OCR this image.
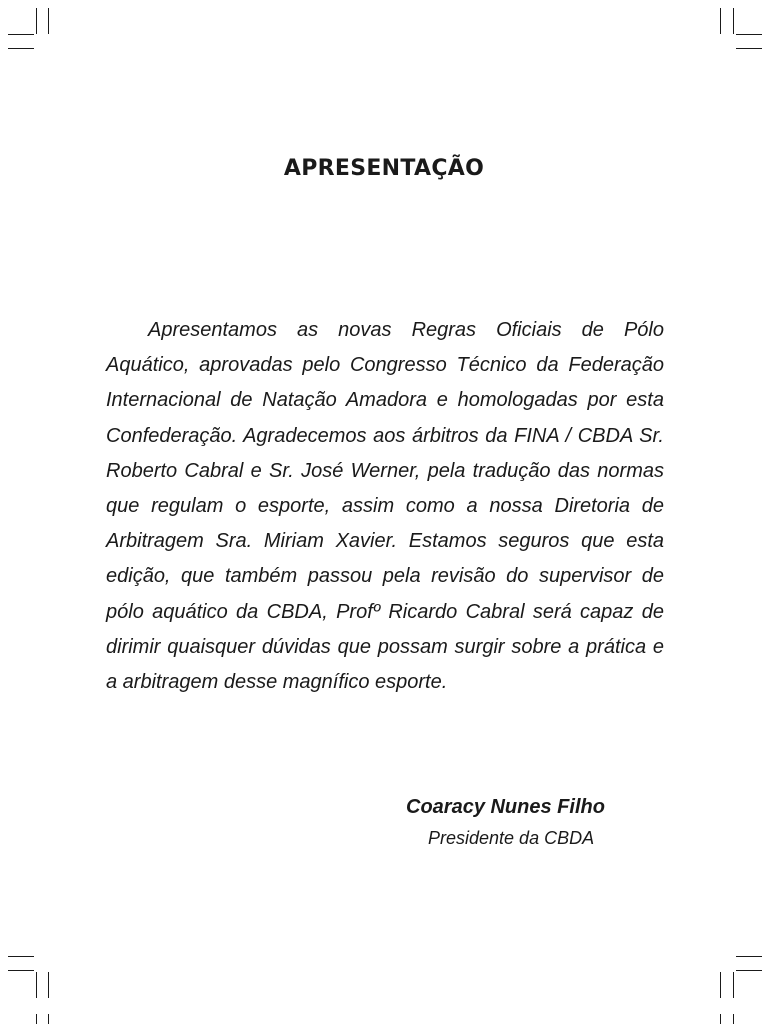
APRESENTAÇÃO

Apresentamos as novas Regras Oficiais de Pólo Aquático, aprovadas pelo Congresso Técnico da Federação Internacional de Natação Amadora e homologadas por esta Confederação. Agradecemos aos árbitros da FINA / CBDA Sr. Roberto Cabral e Sr. José Werner, pela tradução das normas que regulam o esporte, assim como a nossa Diretoria de Arbitragem Sra. Miriam Xavier. Estamos seguros que esta edição, que também passou pela revisão do supervisor de pólo aquático da CBDA, Profº Ricardo Cabral será capaz de dirimir quaisquer dúvidas que possam surgir sobre a prática e a arbitragem desse magnífico esporte.

Coaracy Nunes Filho
Presidente da CBDA
